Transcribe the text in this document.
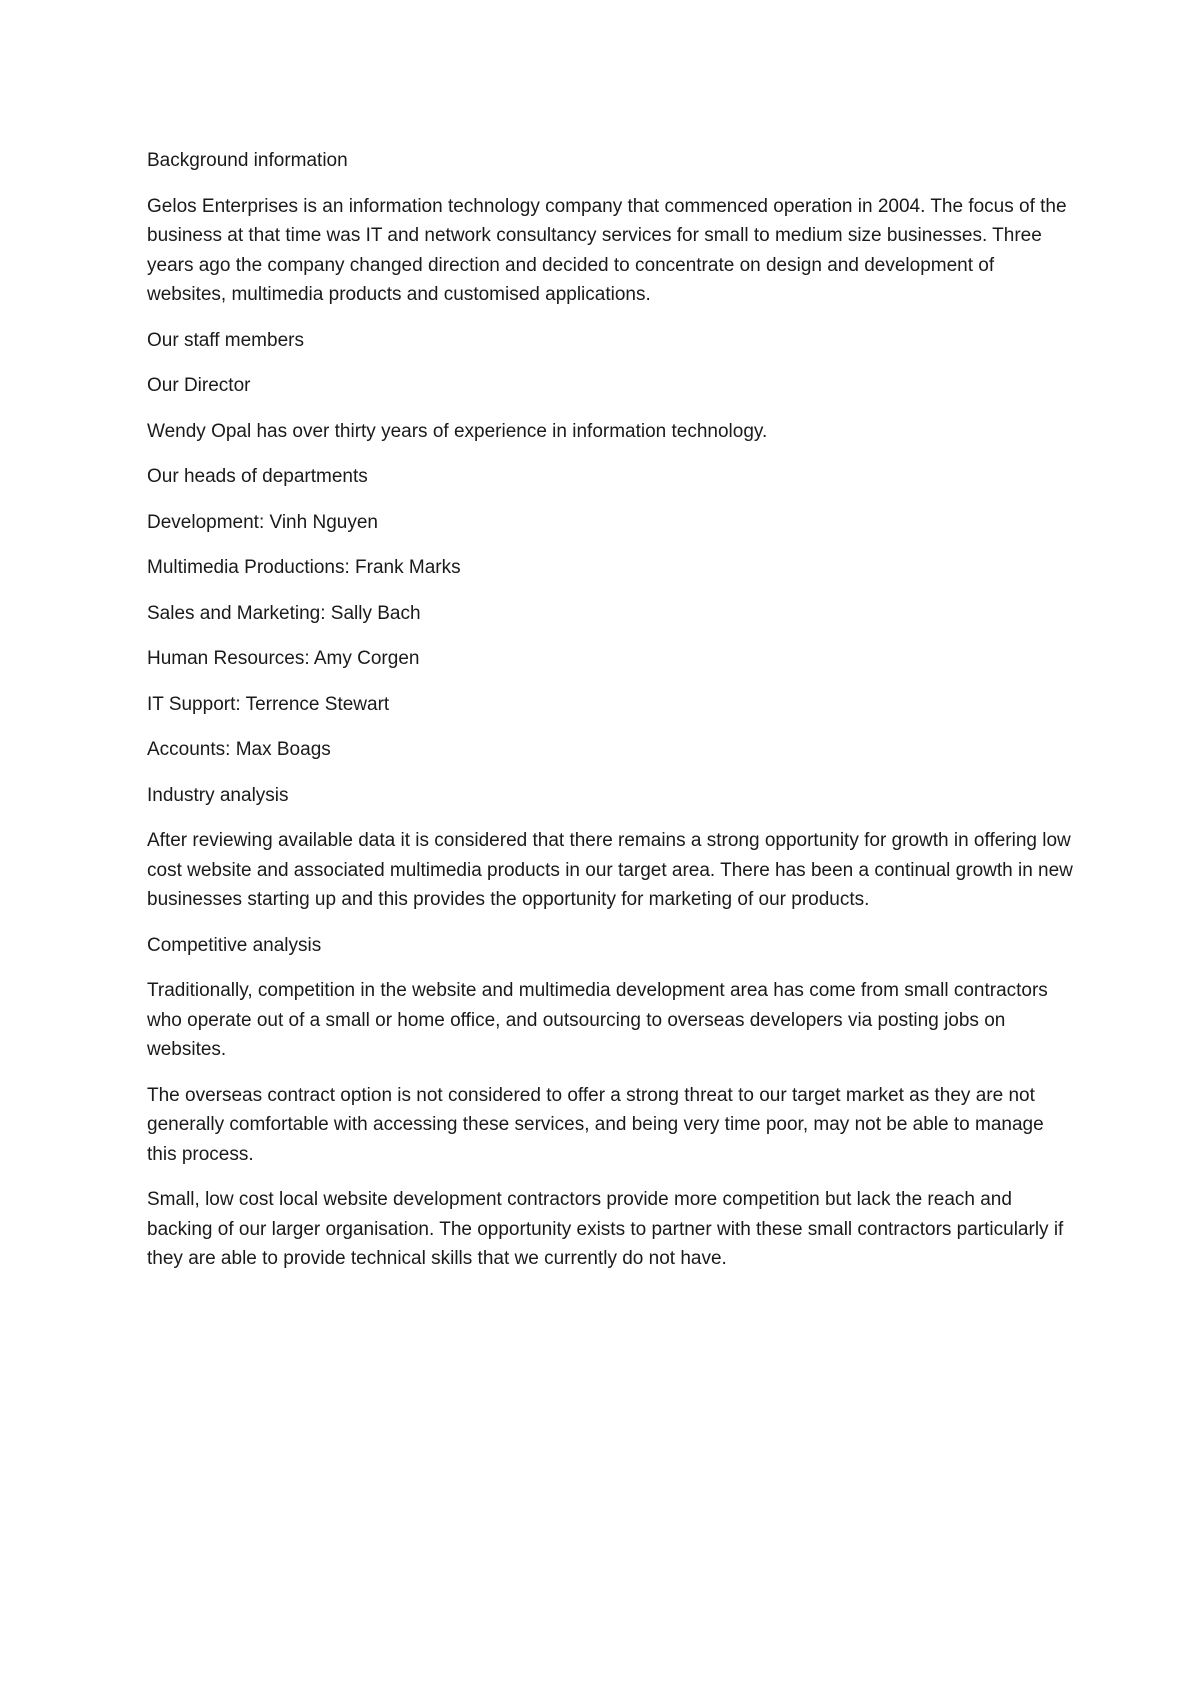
Background information

Gelos Enterprises is an information technology company that commenced operation in 2004. The focus of the business at that time was IT and network consultancy services for small to medium size businesses. Three years ago the company changed direction and decided to concentrate on design and development of websites, multimedia products and customised applications.

Our staff members

Our Director

Wendy Opal has over thirty years of experience in information technology.

Our heads of departments

Development: Vinh Nguyen

Multimedia Productions: Frank Marks

Sales and Marketing: Sally Bach

Human Resources: Amy Corgen

IT Support: Terrence Stewart

Accounts: Max Boags

Industry analysis

After reviewing available data it is considered that there remains a strong opportunity for growth in offering low cost website and associated multimedia products in our target area. There has been a continual growth in new businesses starting up and this provides the opportunity for marketing of our products.

Competitive analysis

Traditionally, competition in the website and multimedia development area has come from small contractors who operate out of a small or home office, and outsourcing to overseas developers via posting jobs on websites.

The overseas contract option is not considered to offer a strong threat to our target market as they are not generally comfortable with accessing these services, and being very time poor, may not be able to manage this process.

Small, low cost local website development contractors provide more competition but lack the reach and backing of our larger organisation. The opportunity exists to partner with these small contractors particularly if they are able to provide technical skills that we currently do not have.
